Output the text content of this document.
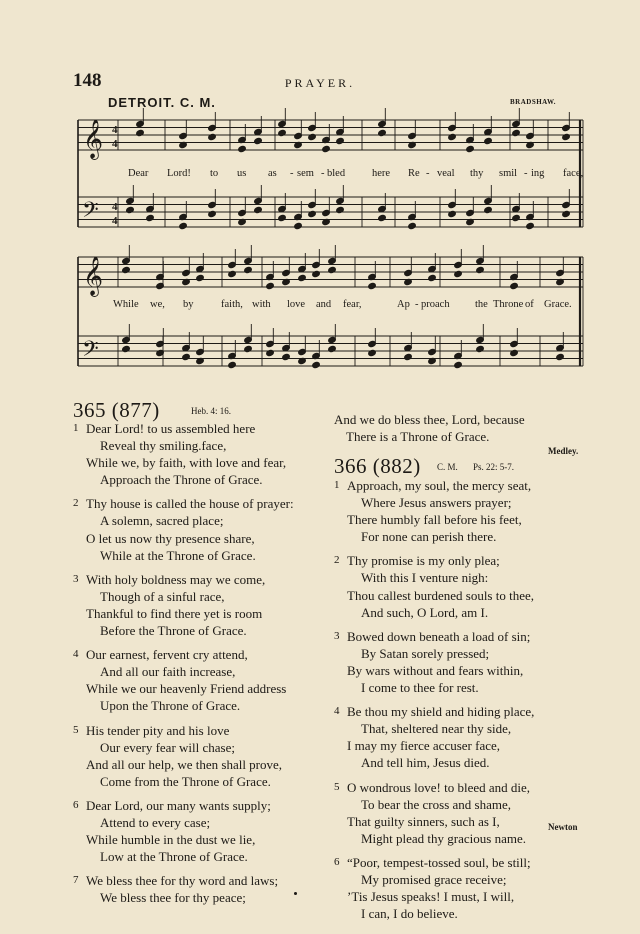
148	PRAYER.
DETROIT. C. M.	BRADSHAW.
𝄞
𝄞
𝄢
𝄢
4
4
4
4
Dear Lord! to us as - sem - bled	here Re - veal thy smil - ing face,
While we, by	faith, with love and fear,	Ap - proach the Throne of Grace.
365 (877)	Heb. 4: 16.
1 Dear Lord! to us assembled here
Reveal thy smiling.face,
While we, by faith, with love and fear,
Approach the Throne of Grace.
2 Thy house is called the house of prayer:
A solemn, sacred place;
O let us now thy presence share,
While at the Throne of Grace.
3 With holy boldness may we come,
Though of a sinful race,
Thankful to find there yet is room
Before the Throne of Grace.
4 Our earnest, fervent cry attend,
And all our faith increase,
While we our heavenly Friend address
Upon the Throne of Grace.
5 His tender pity and his love
Our every fear will chase;
And all our help, we then shall prove,
Come from the Throne of Grace.
6 Dear Lord, our many wants supply;
Attend to every case;
While humble in the dust we lie,
Low at the Throne of Grace.
7 We bless thee for thy word and laws;
We bless thee for thy peace;
And we do bless thee, Lord, because
There is a Throne of Grace.
Medley.
366 (882) C. M. Ps. 22: 5-7.
1 Approach, my soul, the mercy seat,
Where Jesus answers prayer;
There humbly fall before his feet,
For none can perish there.
2 Thy promise is my only plea;
With this I venture nigh:
Thou callest burdened souls to thee,
And such, O Lord, am I.
3 Bowed down beneath a load of sin;
By Satan sorely pressed;
By wars without and fears within,
I come to thee for rest.
4 Be thou my shield and hiding place,
That, sheltered near thy side,
I may my fierce accuser face,
And tell him, Jesus died.
5 O wondrous love! to bleed and die,
To bear the cross and shame,
That guilty sinners, such as I,
Might plead thy gracious name.
6 “Poor, tempest-tossed soul, be still;
My promised grace receive;
’Tis Jesus speaks! I must, I will,
I can, I do believe.
Newton
